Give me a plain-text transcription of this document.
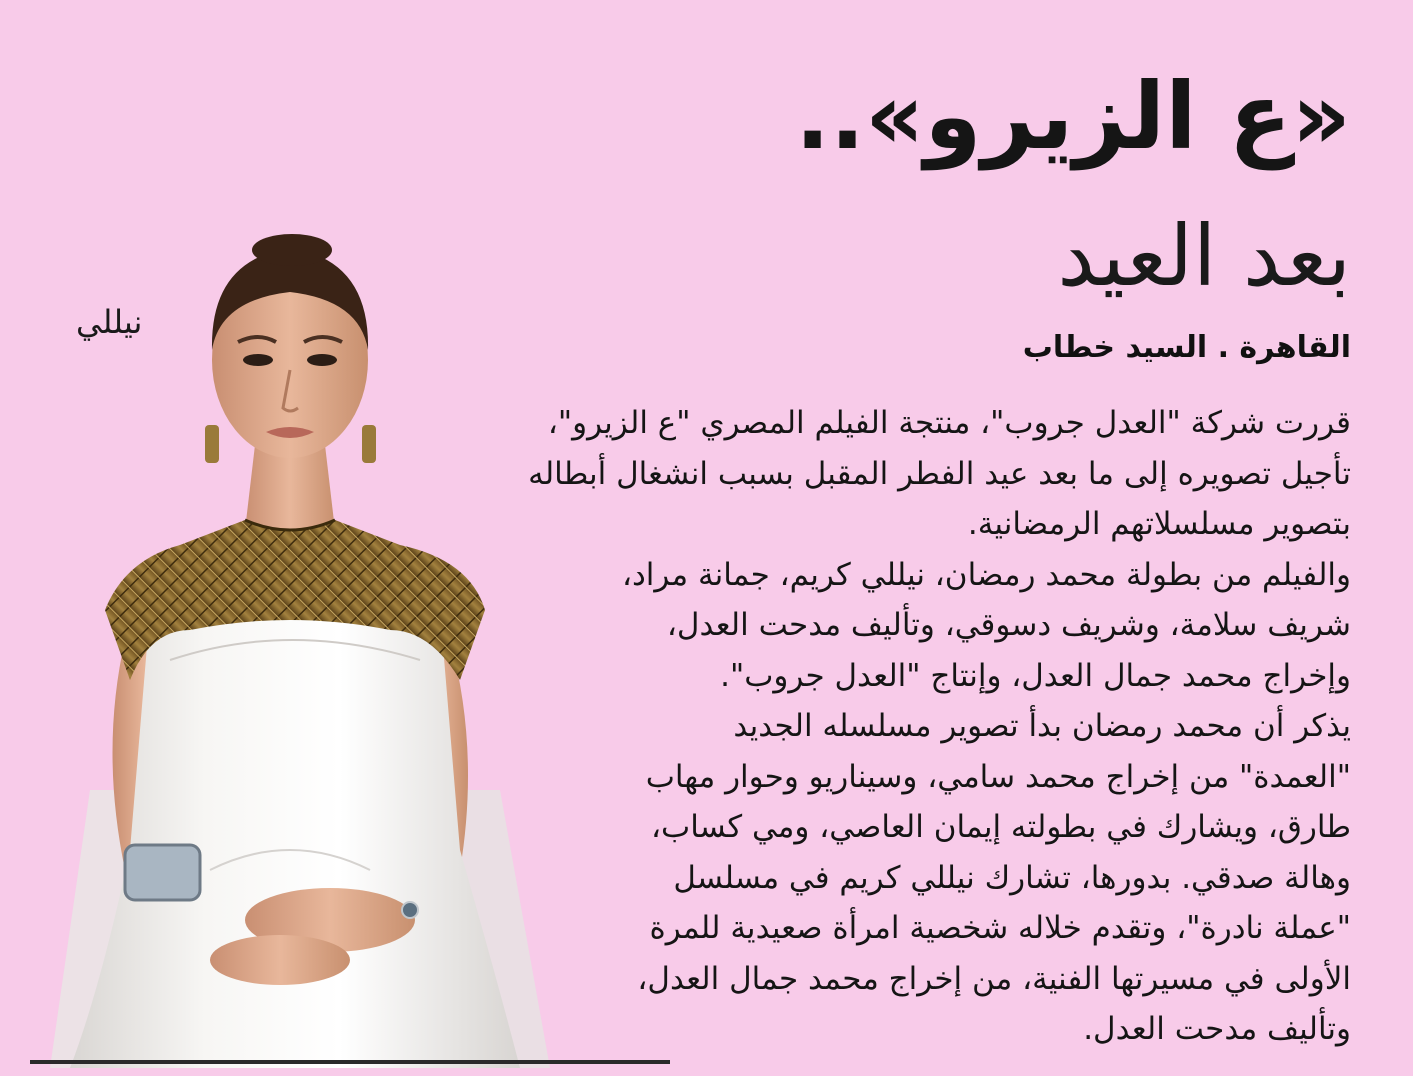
نيللي
«ع الزيرو»..
بعد العيد
القاهرة . السيد خطاب

قررت شركة "العدل جروب"، منتجة الفيلم المصري "ع الزيرو"،

تأجيل تصويره إلى ما بعد عيد الفطر المقبل بسبب انشغال أبطاله

بتصوير مسلسلاتهم الرمضانية.

والفيلم من بطولة محمد رمضان، نيللي كريم، جمانة مراد،

شريف سلامة، وشريف دسوقي، وتأليف مدحت العدل،

وإخراج محمد جمال العدل، وإنتاج "العدل جروب".

يذكر أن محمد رمضان بدأ تصوير مسلسله الجديد

"العمدة" من إخراج محمد سامي، وسيناريو وحوار مهاب

طارق، ويشارك في بطولته إيمان العاصي، ومي كساب،

وهالة صدقي. بدورها، تشارك نيللي كريم في مسلسل

"عملة نادرة"، وتقدم خلاله شخصية امرأة صعيدية للمرة

الأولى في مسيرتها الفنية، من إخراج محمد جمال العدل،

وتأليف مدحت العدل.
